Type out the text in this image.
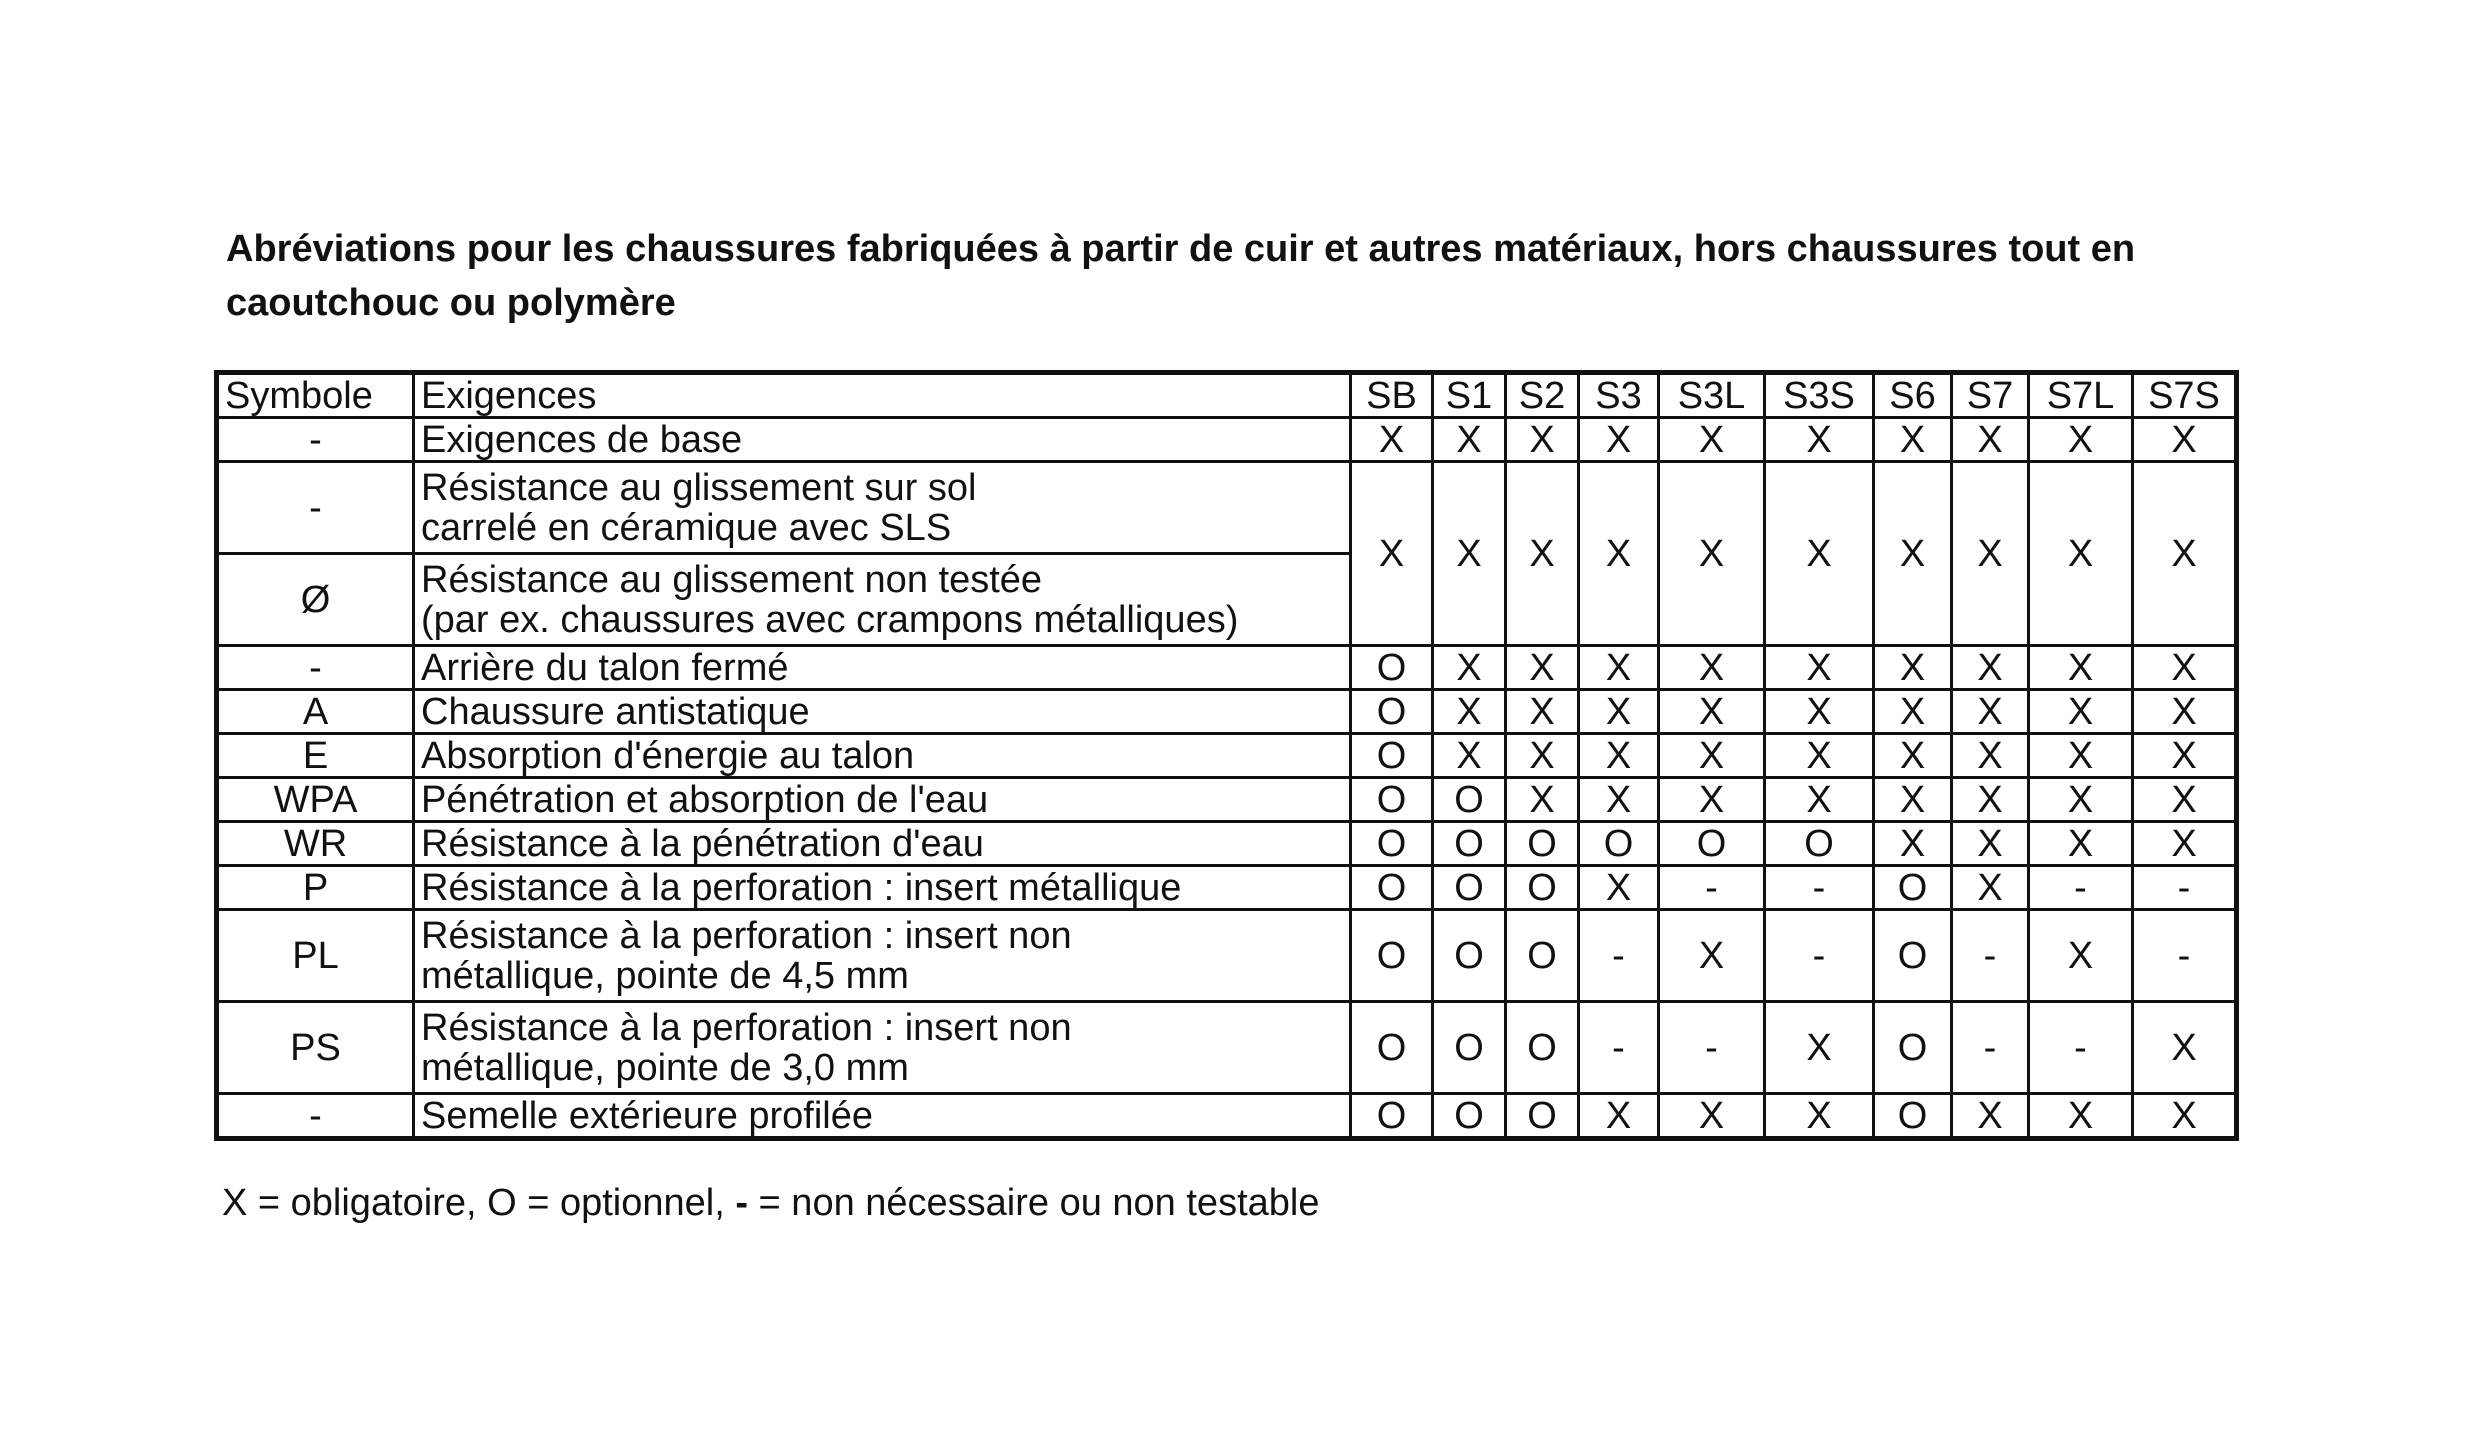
Abréviations pour les chaussures fabriquées à partir de cuir et autres matériaux, hors chaussures tout en caoutchouc ou polymère
Symbole	Exigences	SB	S1	S2	S3	S3L	S3S	S6	S7	S7L	S7S
-	Exigences de base	X	X	X	X	X	X	X	X	X	X
-	Résistance au glissement sur sol
carrelé en céramique avec SLS	X	X	X	X	X	X	X	X	X	X
Ø	Résistance au glissement non testée
(par ex. chaussures avec crampons métalliques)										

-	Arrière du talon fermé	O	X	X	X	X	X	X	X	X	X
A	Chaussure antistatique	O	X	X	X	X	X	X	X	X	X
E	Absorption d'énergie au talon	O	X	X	X	X	X	X	X	X	X
WPA	Pénétration et absorption de l'eau	O	O	X	X	X	X	X	X	X	X
WR	Résistance à la pénétration d'eau	O	O	O	O	O	O	X	X	X	X
P	Résistance à la perforation : insert métallique	O	O	O	X	-	-	O	X	-	-
PL	Résistance à la perforation : insert non
métallique, pointe de 4,5 mm	O	O	O	-	X	-	O	-	X	-
PS	Résistance à la perforation : insert non
métallique, pointe de 3,0 mm	O	O	O	-	-	X	O	-	-	X
-	Semelle extérieure profilée	O	O	O	X	X	X	O	X	X	X

X = obligatoire, O = optionnel, - = non nécessaire ou non testable
